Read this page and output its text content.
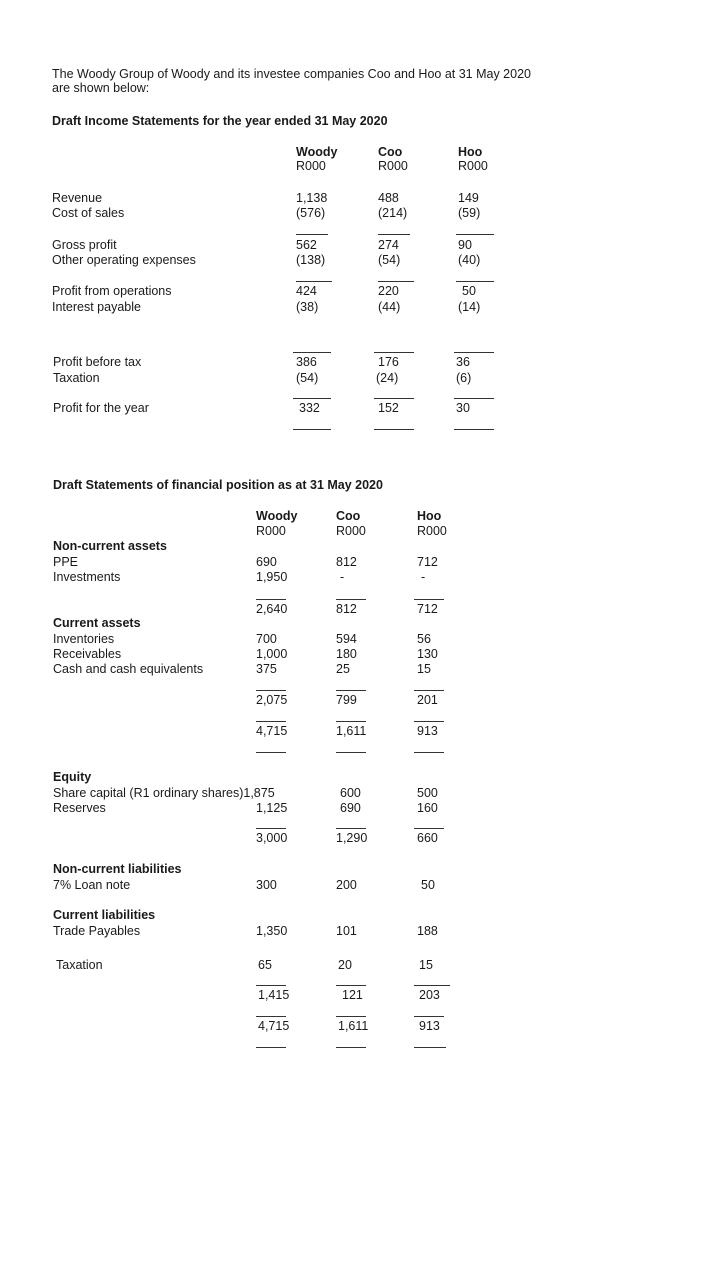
The Woody Group of Woody and its investee companies Coo and Hoo at 31 May 2020
are shown below:
Draft Income Statements for the year ended 31 May 2020
Woody	Coo	Hoo
R000	R000	R000
Revenue	1,138	488	149
Cost of sales	(576)	(214)	(59)
Gross profit	562	274	90
Other operating expenses	(138)	(54)	(40)
Profit from operations	424	220	50
Interest payable	(38)	(44)	(14)
Profit before tax	386	176	36
Taxation	(54)	(24)	(6)
Profit for the year	332	152	30
Draft Statements of financial position as at 31 May 2020
Woody	Coo	Hoo
R000	R000	R000
Non-current assets
PPE	690	812	712
Investments	1,950	-	-
2,640	812	712
Current assets
Inventories	700	594	56
Receivables	1,000	180	130
Cash and cash equivalents	375	25	15
2,075	799	201
4,715	1,611	913
Equity
Share capital (R1 ordinary shares)1,875	600	500
Reserves	1,125	690	160
3,000	1,290	660
Non-current liabilities
7% Loan note	300	200	50
Current liabilities
Trade Payables	1,350	101	188
Taxation	65	20	15
1,415	121	203
4,715	1,611	913
